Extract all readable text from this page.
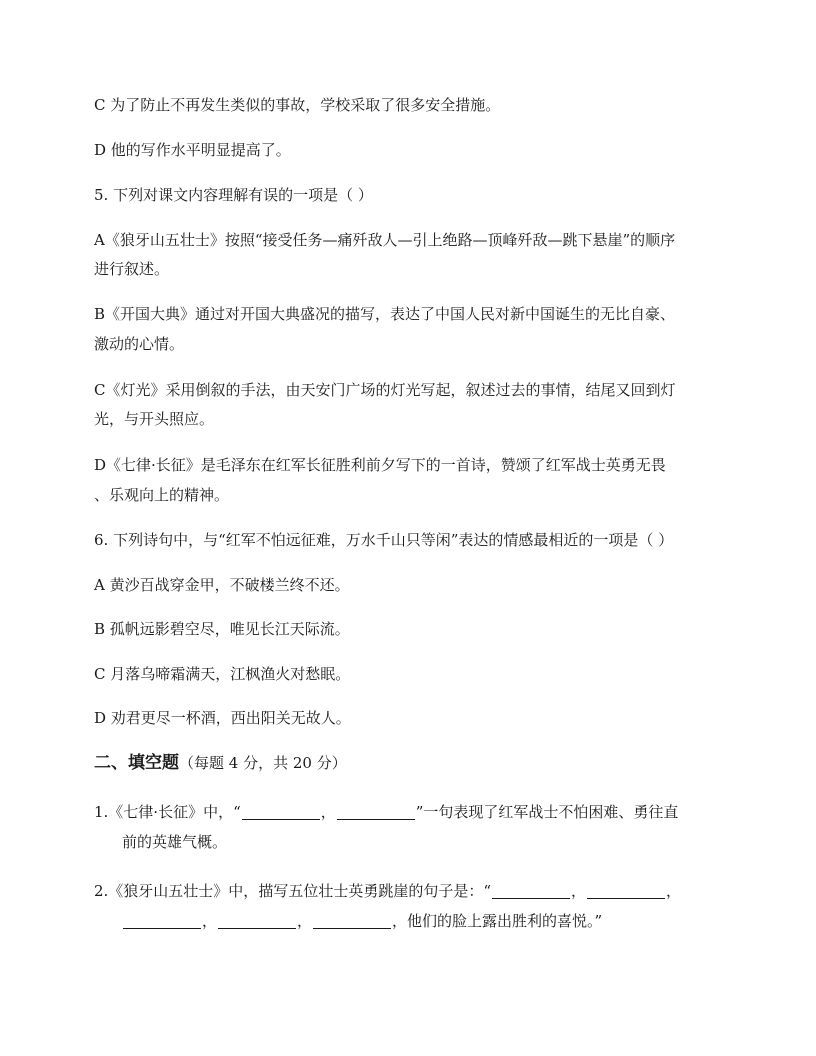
C 为了防止不再发生类似的事故，学校采取了很多安全措施。
D 他的写作水平明显提高了。
5. 下列对课文内容理解有误的一项是（ ）
A《狼牙山五壮士》按照“接受任务—痛歼敌人—引上绝路—顶峰歼敌—跳下悬崖”的顺序
进行叙述。
B《开国大典》通过对开国大典盛况的描写，表达了中国人民对新中国诞生的无比自豪、
激动的心情。
C《灯光》采用倒叙的手法，由天安门广场的灯光写起，叙述过去的事情，结尾又回到灯
光，与开头照应。
D《七律·长征》是毛泽东在红军长征胜利前夕写下的一首诗，赞颂了红军战士英勇无畏
、乐观向上的精神。
6. 下列诗句中，与“红军不怕远征难，万水千山只等闲”表达的情感最相近的一项是（ ）
A 黄沙百战穿金甲，不破楼兰终不还。
B 孤帆远影碧空尽，唯见长江天际流。
C 月落乌啼霜满天，江枫渔火对愁眠。
D 劝君更尽一杯酒，西出阳关无故人。
二、填空题（每题 4 分，共 20 分）
1.《七律·长征》中，“	，	”一句表现了红军战士不怕困难、勇往直
前的英雄气概。
2.《狼牙山五壮士》中，描写五位壮士英勇跳崖的句子是：“	，	，
，	，	，他们的脸上露出胜利的喜悦。”
